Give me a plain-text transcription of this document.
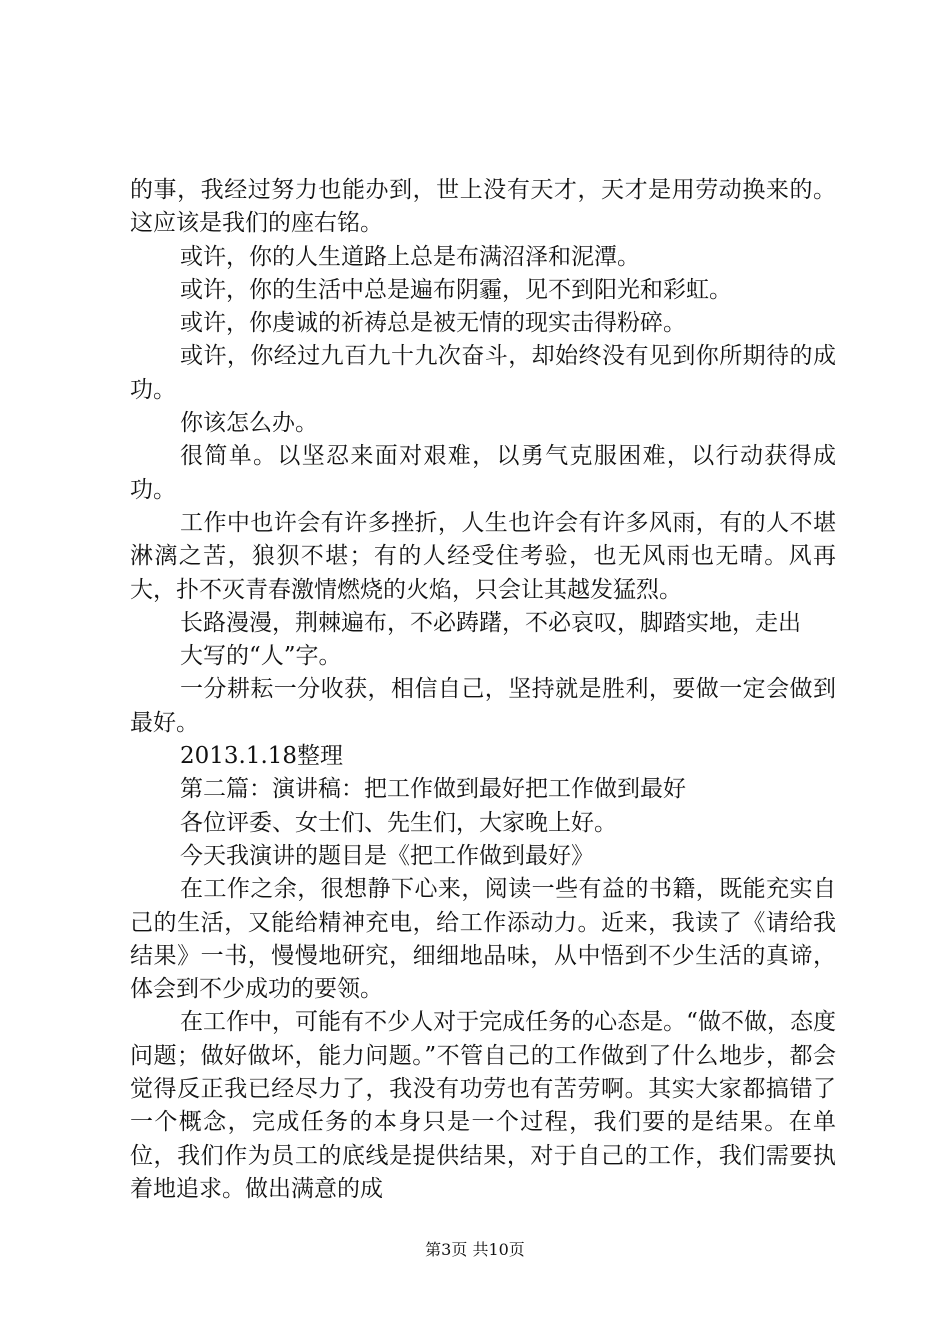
的事，我经过努力也能办到，世上没有天才，天才是用劳动换来的。这应该是我们的座右铭。

或许，你的人生道路上总是布满沼泽和泥潭。

或许，你的生活中总是遍布阴霾，见不到阳光和彩虹。

或许，你虔诚的祈祷总是被无情的现实击得粉碎。

或许，你经过九百九十九次奋斗，却始终没有见到你所期待的成功。

你该怎么办。

很简单。以坚忍来面对艰难，以勇气克服困难，以行动获得成功。

工作中也许会有许多挫折，人生也许会有许多风雨，有的人不堪淋漓之苦，狼狈不堪；有的人经受住考验，也无风雨也无晴。风再大，扑不灭青春激情燃烧的火焰，只会让其越发猛烈。

长路漫漫，荆棘遍布，不必踌躇，不必哀叹，脚踏实地，走出

大写的“人”字。

一分耕耘一分收获，相信自己，坚持就是胜利，要做一定会做到最好。

2013.1.18整理

第二篇：演讲稿：把工作做到最好把工作做到最好

各位评委、女士们、先生们，大家晚上好。

今天我演讲的题目是《把工作做到最好》

在工作之余，很想静下心来，阅读一些有益的书籍，既能充实自己的生活，又能给精神充电，给工作添动力。近来，我读了《请给我结果》一书，慢慢地研究，细细地品味，从中悟到不少生活的真谛，体会到不少成功的要领。

在工作中，可能有不少人对于完成任务的心态是。“做不做，态度问题；做好做坏，能力问题。”不管自己的工作做到了什么地步，都会觉得反正我已经尽力了，我没有功劳也有苦劳啊。其实大家都搞错了一个概念，完成任务的本身只是一个过程，我们要的是结果。在单位，我们作为员工的底线是提供结果，对于自己的工作，我们需要执着地追求。做出满意的成

第3页 共10页
